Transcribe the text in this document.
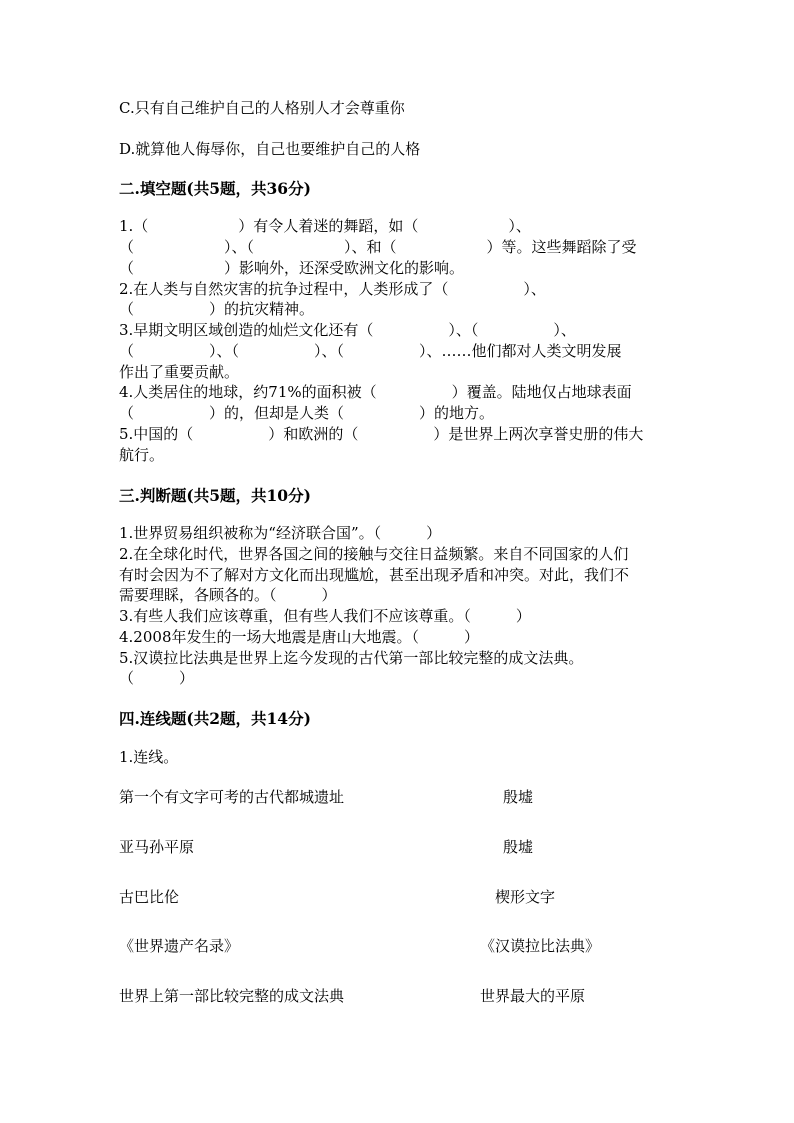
C.只有自己维护自己的人格别人才会尊重你
D.就算他人侮辱你，自己也要维护自己的人格
二.填空题(共5题，共36分)
1.（　　　　　　）有令人着迷的舞蹈，如（　　　　　　）、
（　　　　　　）、（　　　　　　）、和（　　　　　　）等。这些舞蹈除了受
（　　　　　　）影响外，还深受欧洲文化的影响。
2.在人类与自然灾害的抗争过程中，人类形成了（　　　　　）、
（　　　　　）的抗灾精神。
3.早期文明区域创造的灿烂文化还有（　　　　　）、（　　　　　）、
（　　　　　）、（　　　　　）、（　　　　　）、……他们都对人类文明发展
作出了重要贡献。
4.人类居住的地球，约71%的面积被（　　　　　）覆盖。陆地仅占地球表面
（　　　　　）的，但却是人类（　　　　　）的地方。
5.中国的（　　　　　）和欧洲的（　　　　　）是世界上两次享誉史册的伟大
航行。
三.判断题(共5题，共10分)
1.世界贸易组织被称为“经济联合国”。（　　　）
2.在全球化时代，世界各国之间的接触与交往日益频繁。来自不同国家的人们
有时会因为不了解对方文化而出现尴尬，甚至出现矛盾和冲突。对此，我们不
需要理睬，各顾各的。（　　　）
3.有些人我们应该尊重，但有些人我们不应该尊重。（　　　）
4.2008年发生的一场大地震是唐山大地震。（　　　）
5.汉谟拉比法典是世界上迄今发现的古代第一部比较完整的成文法典。
（　　　）
四.连线题(共2题，共14分)
1.连线。
第一个有文字可考的古代都城遗址	殷墟
亚马孙平原	殷墟
古巴比伦	楔形文字
《世界遗产名录》	《汉谟拉比法典》
世界上第一部比较完整的成文法典	世界最大的平原
